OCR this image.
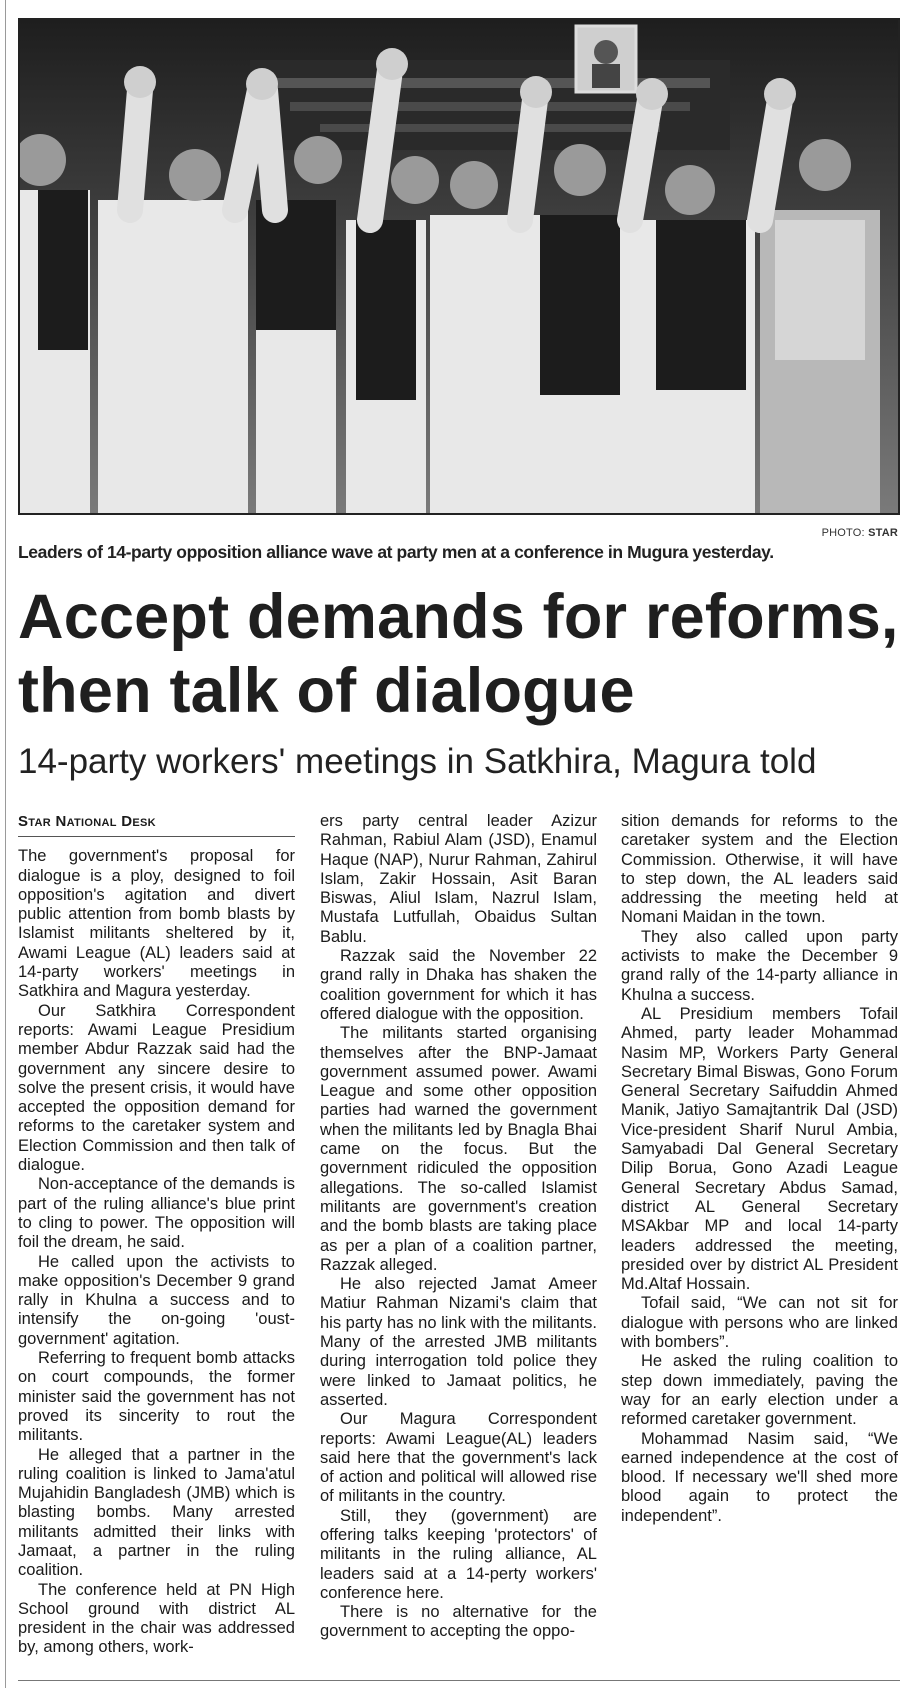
PHOTO: STAR
Leaders of 14-party opposition alliance wave at party men at a conference in Mugura yesterday.
Accept demands for reforms,
then talk of dialogue
14-party workers' meetings in Satkhira, Magura told
Star National Desk

The government's proposal for dialogue is a ploy, designed to foil opposition's agitation and divert public attention from bomb blasts by Islamist militants sheltered by it, Awami League (AL) leaders said at 14-party workers' meetings in Satkhira and Magura yesterday.

Our Satkhira Correspondent reports: Awami League Presidium member Abdur Razzak said had the government any sincere desire to solve the present crisis, it would have accepted the opposition demand for reforms to the caretaker system and Election Commission and then talk of dialogue.

Non-acceptance of the demands is part of the ruling alliance's blue print to cling to power. The opposition will foil the dream, he said.

He called upon the activists to make opposition's December 9 grand rally in Khulna a success and to intensify the on-going 'oust-government' agitation.

Referring to frequent bomb attacks on court compounds, the former minister said the government has not proved its sincerity to rout the militants.

He alleged that a partner in the ruling coalition is linked to Jama'atul Mujahidin Bangladesh (JMB) which is blasting bombs. Many arrested militants admitted their links with Jamaat, a partner in the ruling coalition.

The conference held at PN High School ground with district AL president in the chair was addressed by, among others, work-

ers party central leader Azizur Rahman, Rabiul Alam (JSD), Enamul Haque (NAP), Nurur Rahman, Zahirul Islam, Zakir Hossain, Asit Baran Biswas, Aliul Islam, Nazrul Islam, Mustafa Lutfullah, Obaidus Sultan Bablu.

Razzak said the November 22 grand rally in Dhaka has shaken the coalition government for which it has offered dialogue with the opposition.

The militants started organising themselves after the BNP-Jamaat government assumed power. Awami League and some other opposition parties had warned the government when the militants led by Bnagla Bhai came on the focus. But the government ridiculed the opposition allegations. The so-called Islamist militants are government's creation and the bomb blasts are taking place as per a plan of a coalition partner, Razzak alleged.

He also rejected Jamat Ameer Matiur Rahman Nizami's claim that his party has no link with the militants. Many of the arrested JMB militants during interrogation told police they were linked to Jamaat politics, he asserted.

Our Magura Correspondent reports: Awami League(AL) leaders said here that the government's lack of action and political will allowed rise of militants in the country.

Still, they (government) are offering talks keeping 'protectors' of militants in the ruling alliance, AL leaders said at a 14-perty workers' conference here.

There is no alternative for the government to accepting the oppo-

sition demands for reforms to the caretaker system and the Election Commission. Otherwise, it will have to step down, the AL leaders said addressing the meeting held at Nomani Maidan in the town.

They also called upon party activists to make the December 9 grand rally of the 14-party alliance in Khulna a success.

AL Presidium members Tofail Ahmed, party leader Mohammad Nasim MP, Workers Party General Secretary Bimal Biswas, Gono Forum General Secretary Saifuddin Ahmed Manik, Jatiyo Samajtantrik Dal (JSD) Vice-president Sharif Nurul Ambia, Samyabadi Dal General Secretary Dilip Borua, Gono Azadi League General Secretary Abdus Samad, district AL General Secretary MSAkbar MP and local 14-party leaders addressed the meeting, presided over by district AL President Md.Altaf Hossain.

Tofail said, “We can not sit for dialogue with persons who are linked with bombers”.

He asked the ruling coalition to step down immediately, paving the way for an early election under a reformed caretaker government.

Mohammad Nasim said, “We earned independence at the cost of blood. If necessary we'll shed more blood again to protect the independent”.
